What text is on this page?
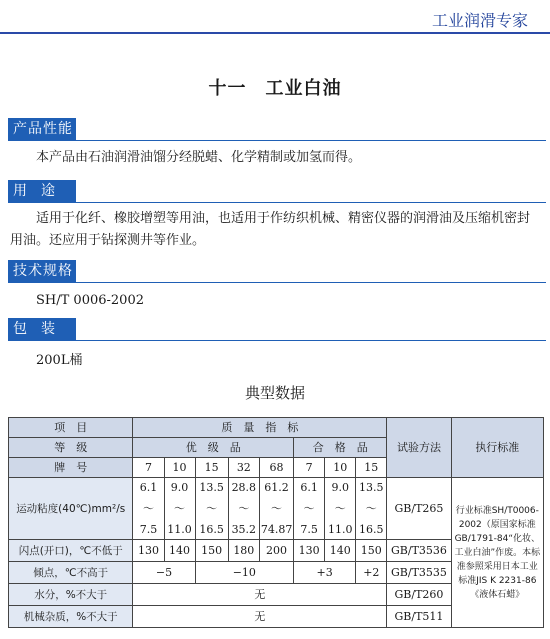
工业润滑专家
十一　工业白油
产品性能
本产品由石油润滑油馏分经脱蜡、化学精制或加氢而得。
用途
适用于化纤、橡胶增塑等用油，也适用于作纺织机械、精密仪器的润滑油及压缩机密封
用油。还应用于钻探测井等作业。
技术规格
SH/T 0006-2002
包装
200L桶
典型数据
项　目	质　量　指　标								试验方法	执行标准
等　级	优　级　品					合　格　品				
牌　号	7	10	15	32	68	7	10	15		
运动粘度(40℃)mm²/s	6.1
～
7.5	9.0
～
11.0	13.5
～
16.5	28.8
～
35.2	61.2
～
74.87	6.1
～
7.5	9.0
～
11.0	13.5
～
16.5	GB/T265	行业标准SH/T0006-2002（原国家标准GB/1791-84“化妆、工业白油”作废。本标准参照采用日本工业标准JIS K 2231-86《液体石蜡》
闪点(开口)，℃不低于	130	140	150	180	200	130	140	150	GB/T3536	
倾点，℃不高于	−5		−10			+3		+2	GB/T3535	
水分，%不大于	无								GB/T260	
机械杂质，%不大于	无								GB/T511	
